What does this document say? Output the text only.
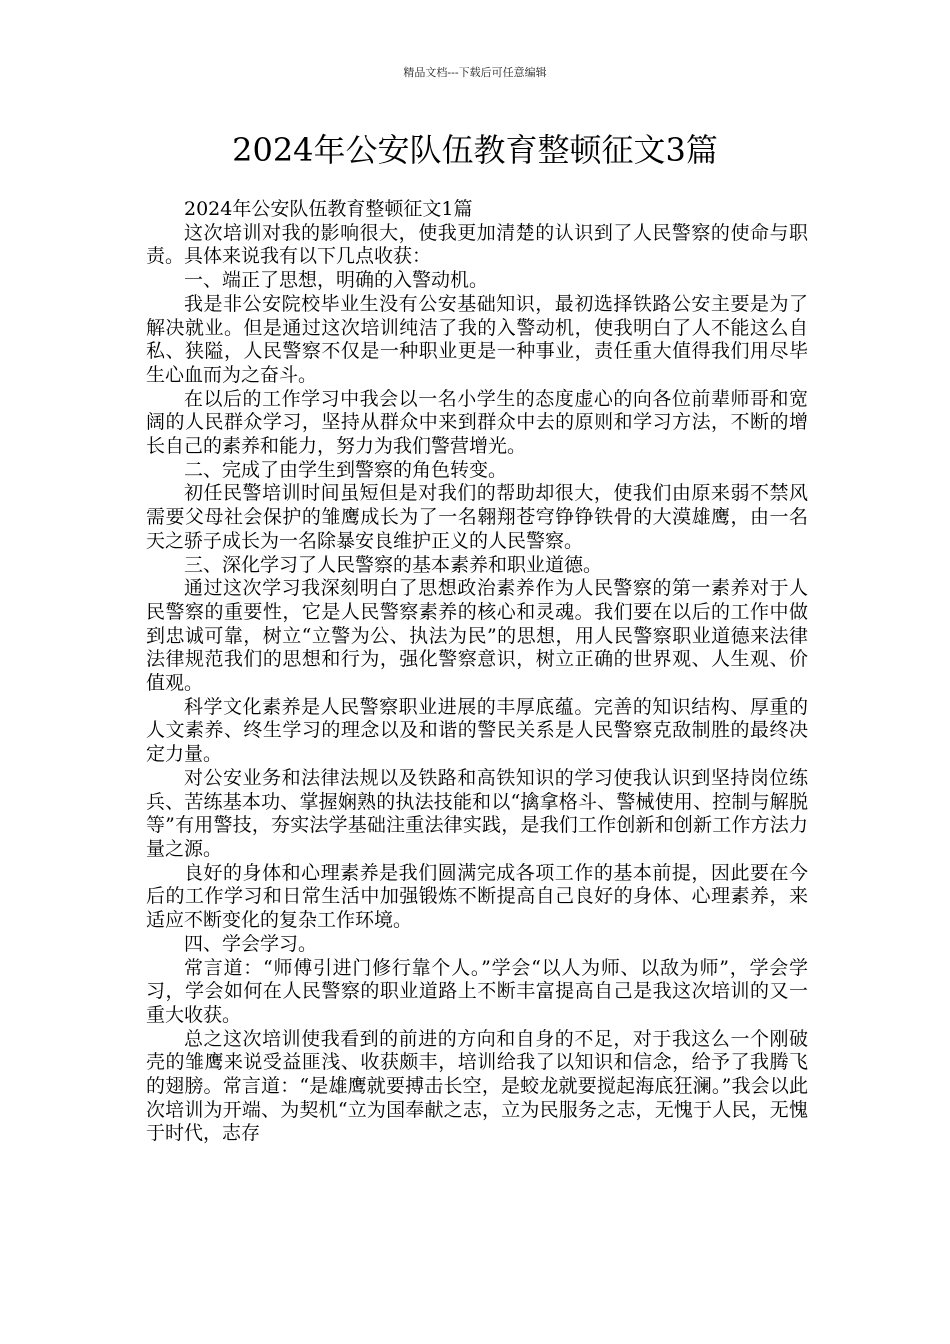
精品文档---下载后可任意编辑
2024年公安队伍教育整顿征文3篇

2024年公安队伍教育整顿征文1篇

这次培训对我的影响很大，使我更加清楚的认识到了人民警察的使命与职责。具体来说我有以下几点收获：

一、端正了思想，明确的入警动机。

我是非公安院校毕业生没有公安基础知识，最初选择铁路公安主要是为了解决就业。但是通过这次培训纯洁了我的入警动机，使我明白了人不能这么自私、狭隘，人民警察不仅是一种职业更是一种事业，责任重大值得我们用尽毕生心血而为之奋斗。

在以后的工作学习中我会以一名小学生的态度虚心的向各位前辈师哥和宽阔的人民群众学习，坚持从群众中来到群众中去的原则和学习方法，不断的增长自己的素养和能力，努力为我们警营增光。

二、完成了由学生到警察的角色转变。

初任民警培训时间虽短但是对我们的帮助却很大，使我们由原来弱不禁风需要父母社会保护的雏鹰成长为了一名翱翔苍穹铮铮铁骨的大漠雄鹰，由一名天之骄子成长为一名除暴安良维护正义的人民警察。

三、深化学习了人民警察的基本素养和职业道德。

通过这次学习我深刻明白了思想政治素养作为人民警察的第一素养对于人民警察的重要性，它是人民警察素养的核心和灵魂。我们要在以后的工作中做到忠诚可靠，树立“立警为公、执法为民”的思想，用人民警察职业道德来法律法律规范我们的思想和行为，强化警察意识，树立正确的世界观、人生观、价值观。

科学文化素养是人民警察职业进展的丰厚底蕴。完善的知识结构、厚重的人文素养、终生学习的理念以及和谐的警民关系是人民警察克敌制胜的最终决定力量。

对公安业务和法律法规以及铁路和高铁知识的学习使我认识到坚持岗位练兵、苦练基本功、掌握娴熟的执法技能和以“擒拿格斗、警械使用、控制与解脱等”有用警技，夯实法学基础注重法律实践，是我们工作创新和创新工作方法力量之源。

良好的身体和心理素养是我们圆满完成各项工作的基本前提，因此要在今后的工作学习和日常生活中加强锻炼不断提高自己良好的身体、心理素养，来适应不断变化的复杂工作环境。

四、学会学习。

常言道：“师傅引进门修行靠个人。”学会“以人为师、以敌为师”，学会学习，学会如何在人民警察的职业道路上不断丰富提高自己是我这次培训的又一重大收获。

总之这次培训使我看到的前进的方向和自身的不足，对于我这么一个刚破壳的雏鹰来说受益匪浅、收获颇丰，培训给我了以知识和信念，给予了我腾飞的翅膀。常言道：“是雄鹰就要搏击长空，是蛟龙就要搅起海底狂澜。”我会以此次培训为开端、为契机“立为国奉献之志，立为民服务之志，无愧于人民，无愧于时代，志存
